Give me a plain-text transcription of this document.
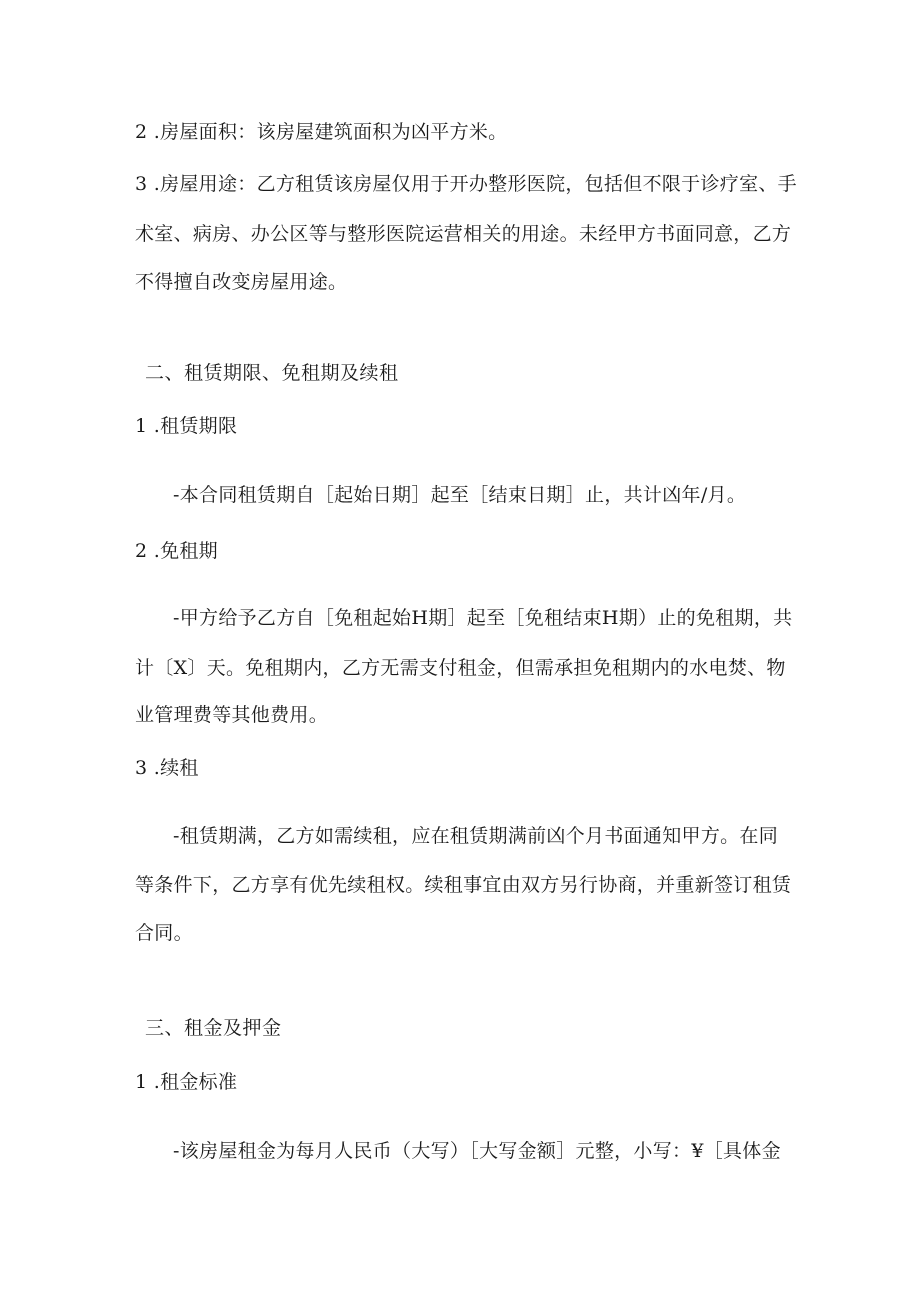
2 .房屋面积：该房屋建筑面积为凶平方米。
3 .房屋用途：乙方租赁该房屋仅用于开办整形医院，包括但不限于诊疗室、手
术室、病房、办公区等与整形医院运营相关的用途。未经甲方书面同意，乙方
不得擅自改变房屋用途。
二、租赁期限、免租期及续租
1 .租赁期限
-本合同租赁期自［起始日期］起至［结束日期］止，共计凶年/月。
2 .免租期
-甲方给予乙方自［免租起始H期］起至［免租结束H期）止的免租期，共
计〔X〕天。免租期内，乙方无需支付租金，但需承担免租期内的水电焚、物
业管理费等其他费用。
3 .续租
-租赁期满，乙方如需续租，应在租赁期满前凶个月书面通知甲方。在同
等条件下，乙方享有优先续租权。续租事宜由双方另行协商，并重新签订租赁
合同。
三、租金及押金
1 .租金标准
-该房屋租金为每月人民币（大写）［大写金额］元整，小写：¥［具体金
